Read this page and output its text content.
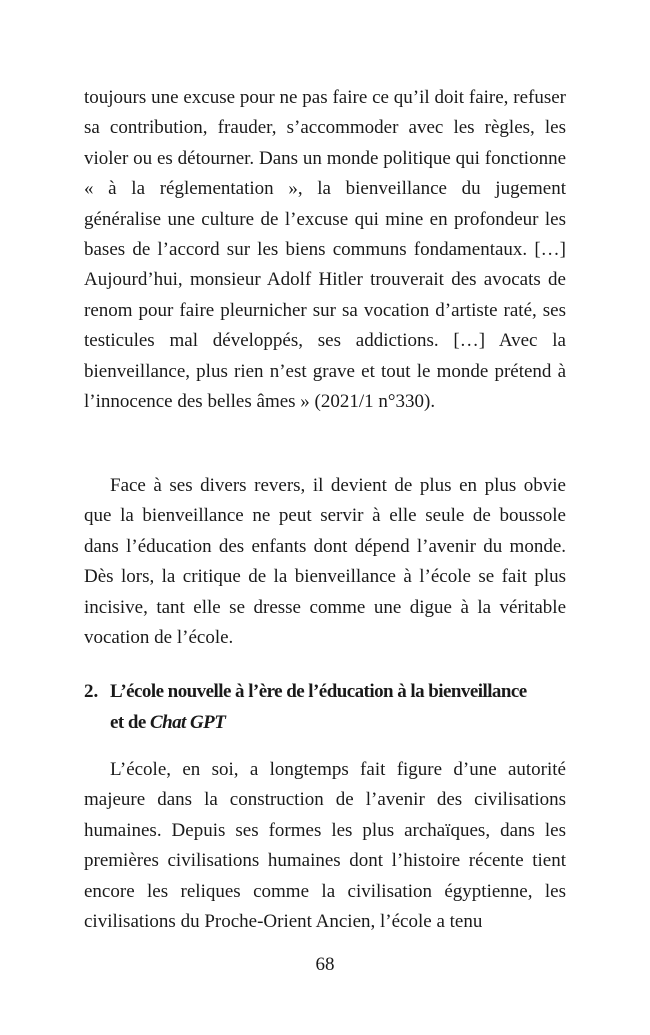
toujours une excuse pour ne pas faire ce qu’il doit faire, refuser sa contribution, frauder, s’accommoder avec les règles, les violer ou es détourner. Dans un monde politique qui fonctionne « à la réglementation », la bienveillance du jugement généralise une culture de l’excuse qui mine en profondeur les bases de l’accord sur les biens communs fondamentaux. […] Aujourd’hui, monsieur Adolf Hitler trouverait des avocats de renom pour faire pleurnicher sur sa vocation d’artiste raté, ses testicules mal développés, ses addictions. […] Avec la bienveillance, plus rien n’est grave et tout le monde prétend à l’innocence des belles âmes » (2021/1 n°330).

Face à ses divers revers, il devient de plus en plus obvie que la bienveillance ne peut servir à elle seule de boussole dans l’éducation des enfants dont dépend l’avenir du monde. Dès lors, la critique de la bienveillance à l’école se fait plus incisive, tant elle se dresse comme une digue à la véritable vocation de l’école.

2. L’école nouvelle à l’ère de l’éducation à la bienveillance
et de Chat GPT

L’école, en soi, a longtemps fait figure d’une autorité majeure dans la construction de l’avenir des civilisations humaines. Depuis ses formes les plus archaïques, dans les premières civilisations humaines dont l’histoire récente tient encore les reliques comme la civilisation égyptienne, les civilisations du Proche-Orient Ancien, l’école a tenu

68
